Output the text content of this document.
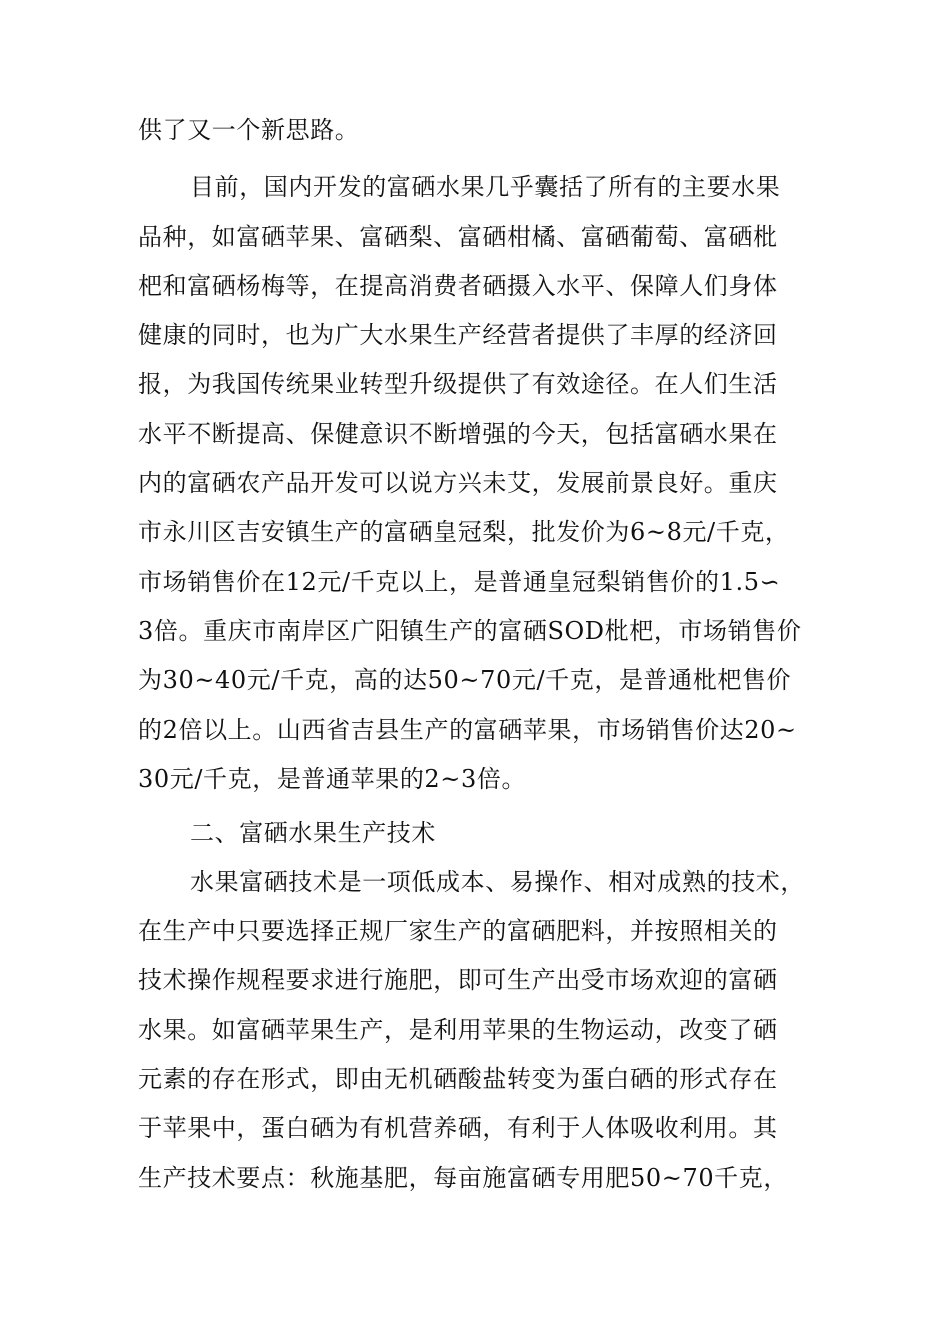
供了又一个新思路。
目前，国内开发的富硒水果几乎囊括了所有的主要水果
品种，如富硒苹果、富硒梨、富硒柑橘、富硒葡萄、富硒枇
杷和富硒杨梅等，在提高消费者硒摄入水平、保障人们身体
健康的同时，也为广大水果生产经营者提供了丰厚的经济回
报，为我国传统果业转型升级提供了有效途径。在人们生活
水平不断提高、保健意识不断增强的今天，包括富硒水果在
内的富硒农产品开发可以说方兴未艾，发展前景良好。重庆
市永川区吉安镇生产的富硒皇冠梨，批发价为6~8元/千克，
市场销售价在12元/千克以上，是普通皇冠梨销售价的1.5∽
3倍。重庆市南岸区广阳镇生产的富硒SOD枇杷，市场销售价
为30~40元/千克，高的达50~70元/千克，是普通枇杷售价
的2倍以上。山西省吉县生产的富硒苹果，市场销售价达20~
30元/千克，是普通苹果的2~3倍。
二、富硒水果生产技术
水果富硒技术是一项低成本、易操作、相对成熟的技术，
在生产中只要选择正规厂家生产的富硒肥料，并按照相关的
技术操作规程要求进行施肥，即可生产出受市场欢迎的富硒
水果。如富硒苹果生产，是利用苹果的生物运动，改变了硒
元素的存在形式，即由无机硒酸盐转变为蛋白硒的形式存在
于苹果中，蛋白硒为有机营养硒，有利于人体吸收利用。其
生产技术要点：秋施基肥，每亩施富硒专用肥50~70千克，
